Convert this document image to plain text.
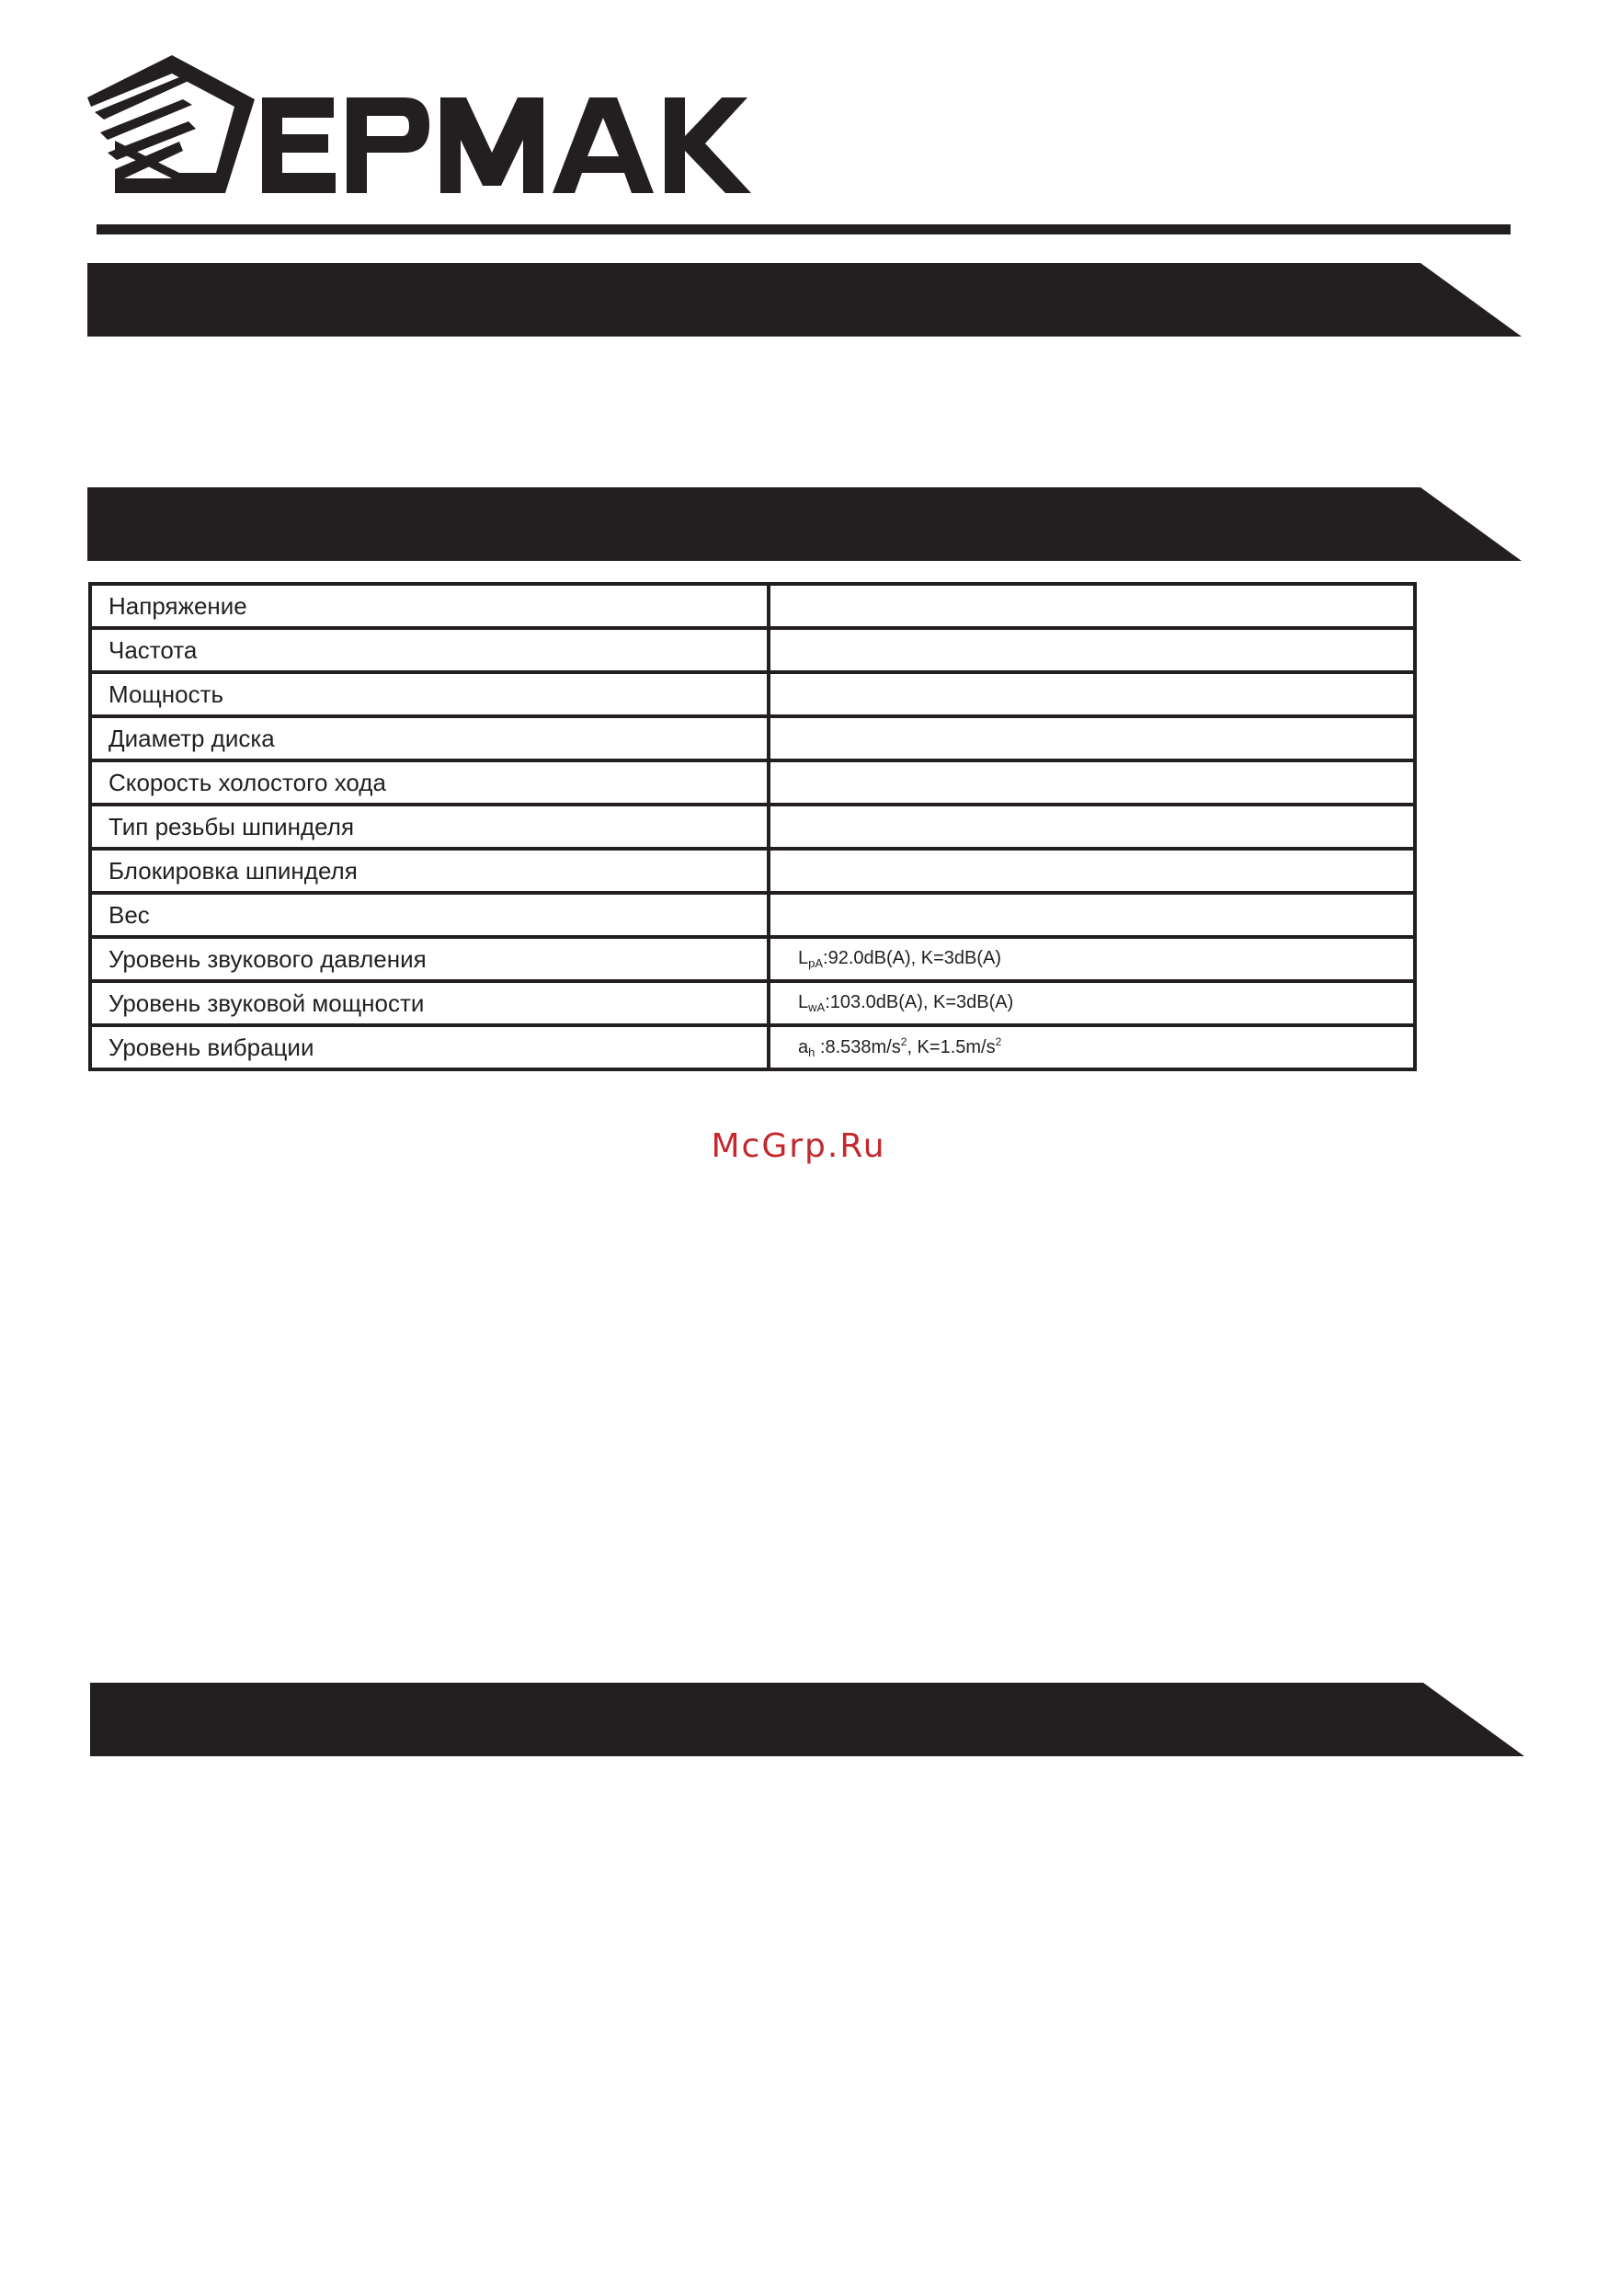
Напряжение	
Частота	
Мощность	
Диаметр диска	
Скорость холостого хода	
Тип резьбы шпинделя	
Блокировка шпинделя	
Вес	
Уровень звукового давления	$L_{pA}:92.0dB(A)$, K=3dB(A)
Уровень звуковой мощности	$L_{wA}:103.0dB(A)$, K=3dB(A)
Уровень вибрации	$a_h$ $:8.538m/s^2$, $K=1.5m/s^2$
McGrp.Ru
